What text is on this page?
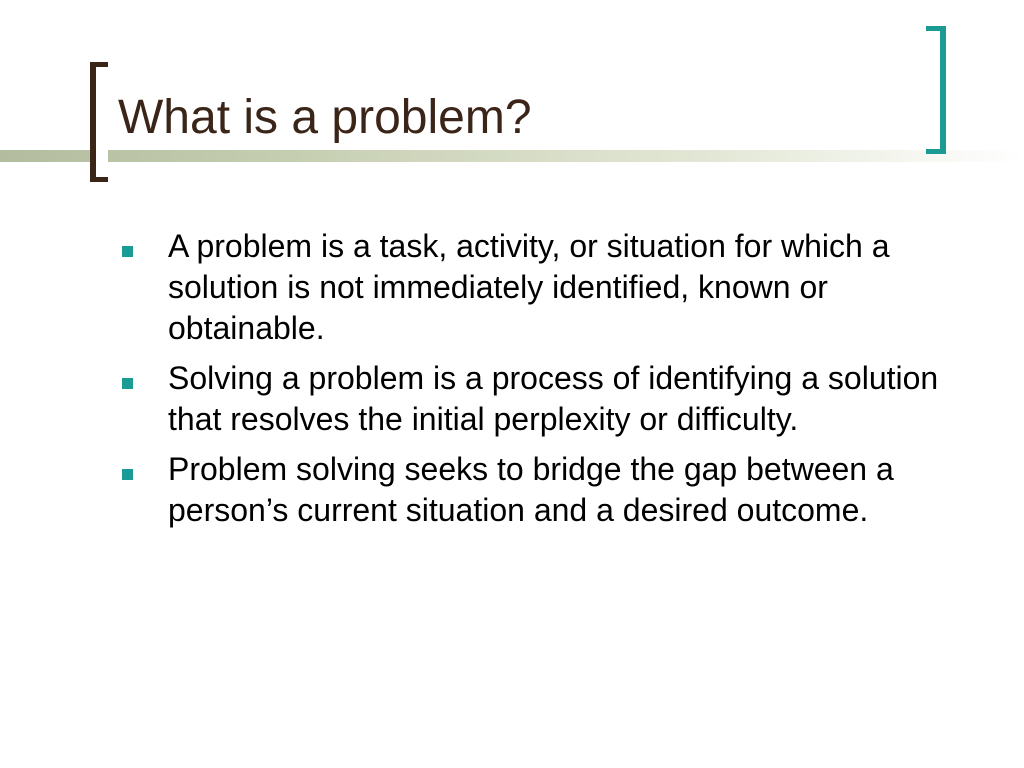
What is a problem?
A problem is a task, activity, or situation for which a solution is not immediately identified, known or obtainable.
Solving a problem is a process of identifying a solution that resolves the initial perplexity or difficulty.
Problem solving seeks to bridge the gap between a person’s current situation and a desired outcome.
